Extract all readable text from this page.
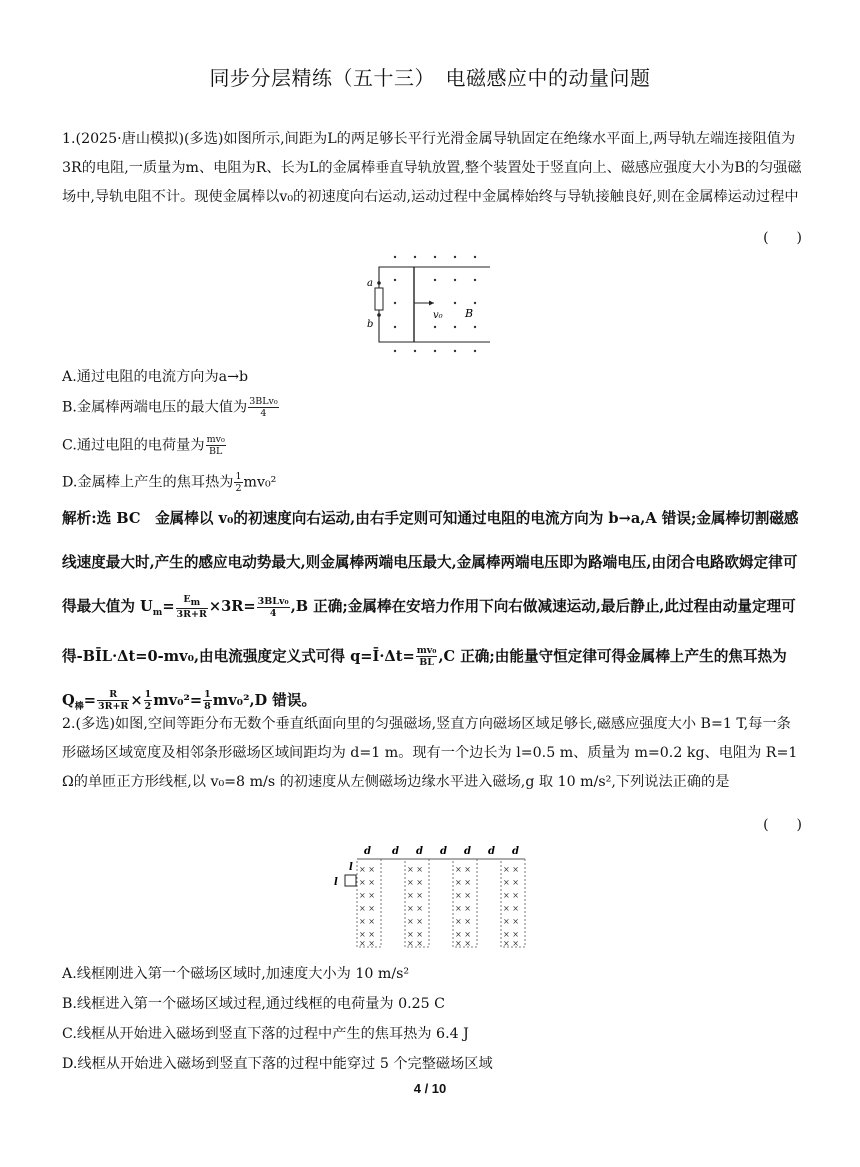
同步分层精练（五十三）　电磁感应中的动量问题
1.(2025·唐山模拟)(多选)如图所示,间距为L的两足够长平行光滑金属导轨固定在绝缘水平面上,两导轨左端连接阻值为3R的电阻,一质量为m、电阻为R、长为L的金属棒垂直导轨放置,整个装置处于竖直向上、磁感应强度大小为B的匀强磁场中,导轨电阻不计。现使金属棒以v₀的初速度向右运动,运动过程中金属棒始终与导轨接触良好,则在金属棒运动过程中
(　　)
a
b
v₀ B
A.通过电阻的电流方向为a→b
B.金属棒两端电压的最大值为 $\frac{\text{3BLv₀}}{4}$
C.通过电阻的电荷量为 $\frac{\text{mv₀}}{BL}$
D.金属棒上产生的焦耳热为 $\frac{1}{2} mv_0^2$
解析:选 BC　金属棒以 v₀的初速度向右运动,由右手定则可知通过电阻的电流方向为 b→a,A 错误;金属棒切割磁感线速度最大时,产生的感应电动势最大,则金属棒两端电压最大,金属棒两端电压即为路端电压,由闭合电路欧姆定律可得最大值为 $U_m= \frac{E_m}{3R+R} \times 3R= \frac{\text{3BLv₀}}{4} ,B$ 正确;金属棒在安培力作用下向右做减速运动,最后静止,此过程由动量定理可得-BĪL·Δt=0-mv₀,由电流强度定义式可得 q=Ī·Δt= $\frac{\text{mv₀}}{BL} ,C$ 正确;由能量守恒定律可得金属棒上产生的焦耳热为 $Q_棒= \frac{R}{3R+R} \times \frac{1}{2} mv_0^2= \frac{1}{8} mv_0^2,D$ 错误。
2.(多选)如图,空间等距分布无数个垂直纸面向里的匀强磁场,竖直方向磁场区域足够长,磁感应强度大小 B=1 T,每一条形磁场区域宽度及相邻条形磁场区域间距均为 d=1 m。现有一个边长为 l=0.5 m、质量为 m=0.2 kg、电阻为 R=1 Ω的单匝正方形线框,以 v₀=8 m/s 的初速度从左侧磁场边缘水平进入磁场,g 取 10 m/s²,下列说法正确的是
(　　)
d d d d d d d
× ×
× ×
× ×
× ×
× ×
× ×
× ×
× ×
× ×
× ×
× ×
× ×
× ×
× ×
× ×
× ×
× ×
× ×
× ×
× ×
× ×
× ×
× ×
× ×
× ×
× ×
× ×
× ×
l
l
A.线框刚进入第一个磁场区域时,加速度大小为 10 m/s²
B.线框进入第一个磁场区域过程,通过线框的电荷量为 0.25 C
C.线框从开始进入磁场到竖直下落的过程中产生的焦耳热为 6.4 J
D.线框从开始进入磁场到竖直下落的过程中能穿过 5 个完整磁场区域
4 / 10
